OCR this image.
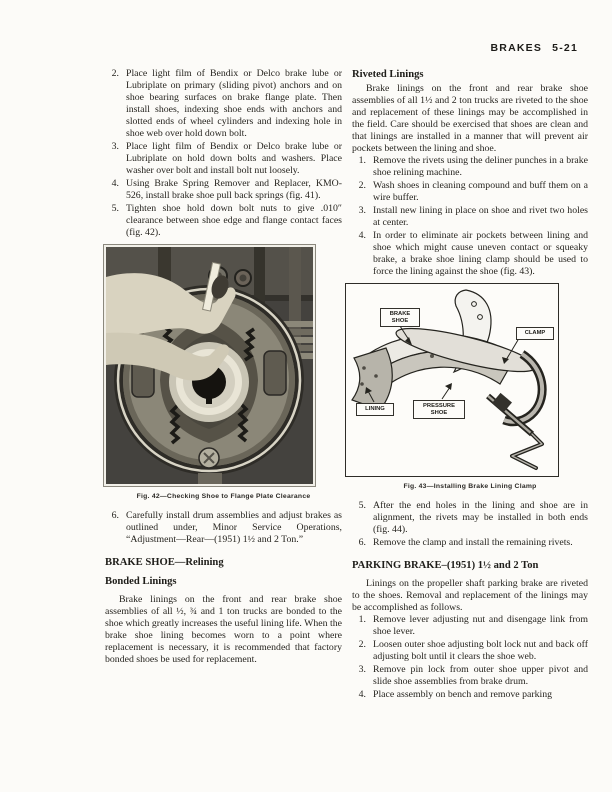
BRAKES 5-21
2. Place light film of Bendix or Delco brake lube or Lubriplate on primary (sliding pivot) anchors and on shoe bearing surfaces on brake flange plate. Then install shoes, indexing shoe ends with anchors and slotted ends of wheel cylinders and indexing hole in shoe web over hold down bolt.
3. Place light film of Bendix or Delco brake lube or Lubriplate on hold down bolts and washers. Place washer over bolt and install bolt nut loosely.
4. Using Brake Spring Remover and Replacer, KMO-526, install brake shoe pull back springs (fig. 41).
5. Tighten shoe hold down bolt nuts to give .010″ clearance between shoe edge and flange contact faces (fig. 42).
Fig. 42—Checking Shoe to Flange Plate Clearance
6. Carefully install drum assemblies and adjust brakes as outlined under, Minor Service Operations, “Adjustment—Rear—(1951) 1½ and 2 Ton.”
BRAKE SHOE—Relining
Bonded Linings

Brake linings on the front and rear brake shoe assemblies of all ½, ¾ and 1 ton trucks are bonded to the shoe which greatly increases the useful lining life. When the brake shoe lining becomes worn to a point where replacement is necessary, it is recommended that factory bonded shoes be used for replacement.

Riveted Linings

Brake linings on the front and rear brake shoe assemblies of all 1½ and 2 ton trucks are riveted to the shoe and replacement of these linings may be accomplished in the field. Care should be exercised that shoes are clean and that linings are installed in a manner that will prevent air pockets between the lining and shoe.

1. Remove the rivets using the deliner punches in a brake shoe relining machine.
2. Wash shoes in cleaning compound and buff them on a wire buffer.
3. Install new lining in place on shoe and rivet two holes at center.
4. In order to eliminate air pockets between lining and shoe which might cause uneven contact or squeaky brake, a brake shoe lining clamp should be used to force the lining against the shoe (fig. 43).
BRAKE SHOE
CLAMP
LINING	PRESSURE SHOE
Fig. 43—Installing Brake Lining Clamp
5. After the end holes in the lining and shoe are in alignment, the rivets may be installed in both ends (fig. 44).
6. Remove the clamp and install the remaining rivets.
PARKING BRAKE–(1951) 1½ and 2 Ton

Linings on the propeller shaft parking brake are riveted to the shoes. Removal and replacement of the linings may be accomplished as follows.

1. Remove lever adjusting nut and disengage link from shoe lever.
2. Loosen outer shoe adjusting bolt lock nut and back off adjusting bolt until it clears the shoe web.
3. Remove pin lock from outer shoe upper pivot and slide shoe assemblies from brake drum.
4. Place assembly on bench and remove parking
